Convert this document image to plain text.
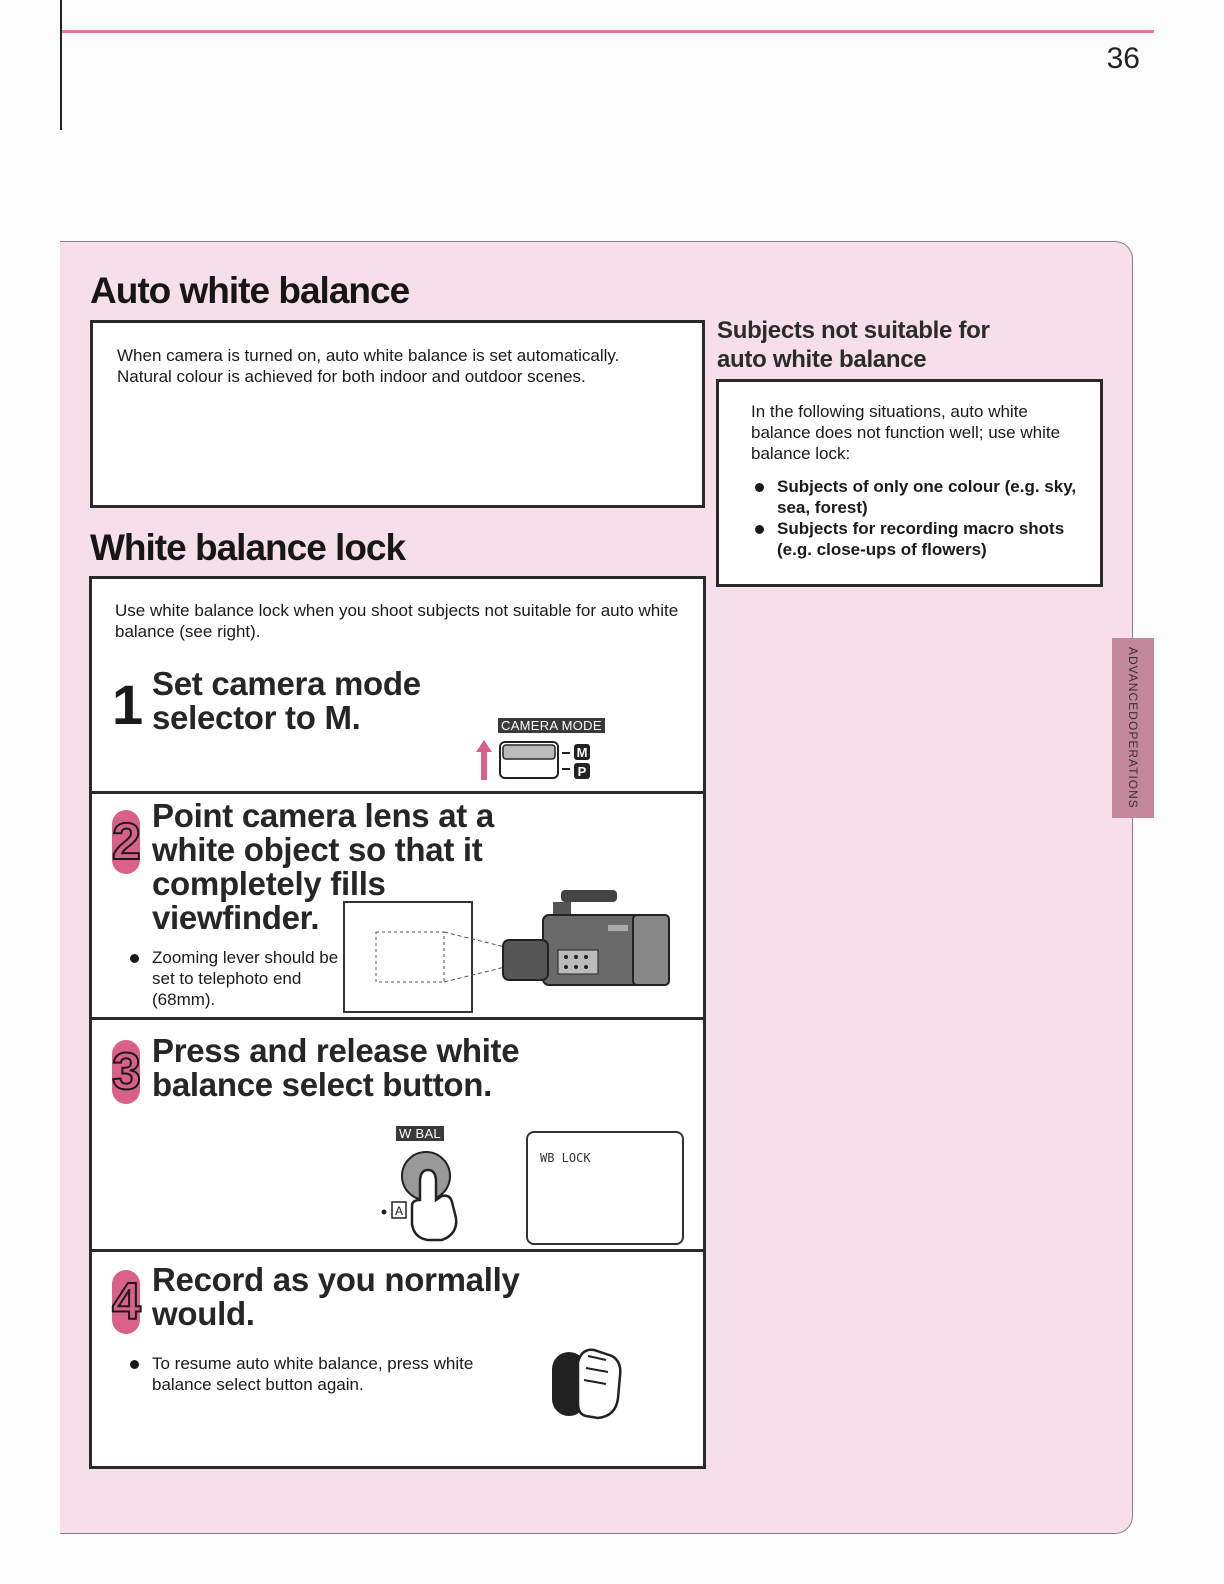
36
ADVANCED
OPERATIONS
Auto white balance
When camera is turned on, auto white balance is set automatically.
Natural colour is achieved for both indoor and outdoor scenes.
Subjects not suitable for
auto white balance
In the following situations, auto white balance does not function well; use white balance lock:
Subjects of only one colour (e.g. sky, sea, forest)
Subjects for recording macro shots (e.g. close-ups of flowers)
White balance lock
Use white balance lock when you shoot subjects not suitable for auto white balance (see right).
1 Set camera mode
selector to M.	CAMERA MODE
M
P
2 Point camera lens at a
white object so that it
completely fills
viewfinder.
Zooming lever should be set to telephoto end (68mm).
3 Press and release white
balance select button.
W BAL
A
WB LOCK
4 Record as you normally
would.
To resume auto white balance, press white balance select button again.
